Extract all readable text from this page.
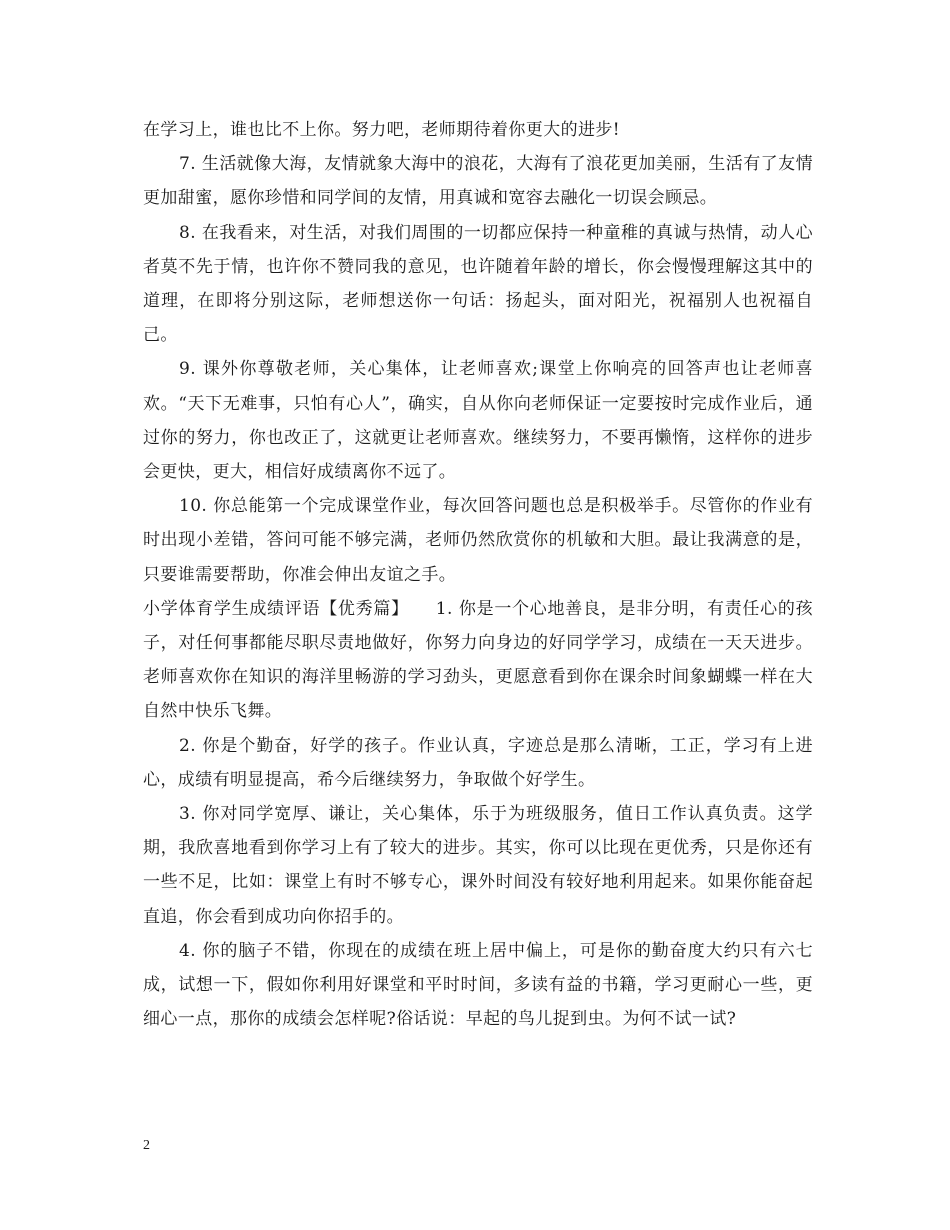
在学习上，谁也比不上你。努力吧，老师期待着你更大的进步!

7. 生活就像大海，友情就象大海中的浪花，大海有了浪花更加美丽，生活有了友情更加甜蜜，愿你珍惜和同学间的友情，用真诚和宽容去融化一切误会顾忌。

8. 在我看来，对生活，对我们周围的一切都应保持一种童稚的真诚与热情，动人心者莫不先于情，也许你不赞同我的意见，也许随着年龄的增长，你会慢慢理解这其中的道理，在即将分别这际，老师想送你一句话：扬起头，面对阳光，祝福别人也祝福自己。

9. 课外你尊敬老师，关心集体，让老师喜欢;课堂上你响亮的回答声也让老师喜欢。“天下无难事，只怕有心人”，确实，自从你向老师保证一定要按时完成作业后，通过你的努力，你也改正了，这就更让老师喜欢。继续努力，不要再懒惰，这样你的进步会更快，更大，相信好成绩离你不远了。

10. 你总能第一个完成课堂作业，每次回答问题也总是积极举手。尽管你的作业有时出现小差错，答问可能不够完满，老师仍然欣赏你的机敏和大胆。最让我满意的是，只要谁需要帮助，你准会伸出友谊之手。

小学体育学生成绩评语【优秀篇】　　1. 你是一个心地善良，是非分明，有责任心的孩子，对任何事都能尽职尽责地做好，你努力向身边的好同学学习，成绩在一天天进步。老师喜欢你在知识的海洋里畅游的学习劲头，更愿意看到你在课余时间象蝴蝶一样在大自然中快乐飞舞。

2. 你是个勤奋，好学的孩子。作业认真，字迹总是那么清晰，工正，学习有上进心，成绩有明显提高，希今后继续努力，争取做个好学生。

3. 你对同学宽厚、谦让，关心集体，乐于为班级服务，值日工作认真负责。这学期，我欣喜地看到你学习上有了较大的进步。其实，你可以比现在更优秀，只是你还有一些不足，比如：课堂上有时不够专心，课外时间没有较好地利用起来。如果你能奋起直追，你会看到成功向你招手的。

4. 你的脑子不错，你现在的成绩在班上居中偏上，可是你的勤奋度大约只有六七成，试想一下，假如你利用好课堂和平时时间，多读有益的书籍，学习更耐心一些，更细心一点，那你的成绩会怎样呢?俗话说：早起的鸟儿捉到虫。为何不试一试?

2
